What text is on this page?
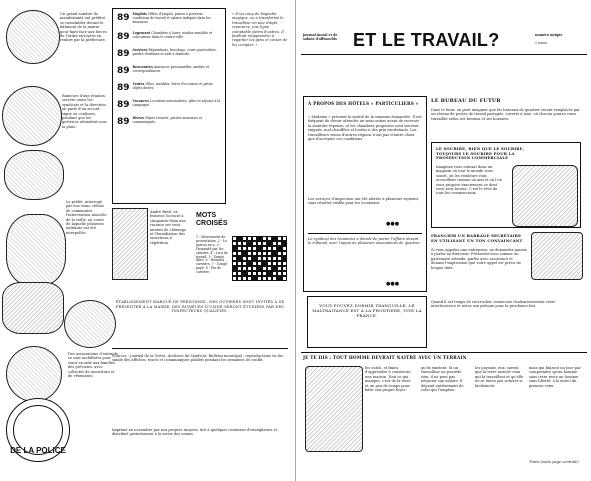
Un grand nombre de manifestants ont préféré se rassembler devant le bâtiment de la mairie, pour faire face aux forces de l'ordre envoyées en renfort par la préfecture.
Rumeurs d'une réunion secrète entre les syndicats et la direction, on parle d'un accord signé en coulisses, pendant que les grévistes attendent sous la pluie.
Le préfet, interrogé par nos soins, refuse de commenter l'intervention musclée de la veille, au cours de laquelle plusieurs militants ont été interpellés.
Des associations d'entraide se sont mobilisées pour venir en aide aux familles des grévistes, avec collectes de nourriture et de vêtements.
DE LA POLICE
89 Emplois Offres d'emploi, postes à pourvoir, conditions de travail et salaire indiqués dans les annonces.
89 Logement Chambres à louer, studios meublés et colocations dans le centre-ville.
89 Services Réparations, bricolage, cours particuliers, gardes d'enfants et aide à domicile.
89 Rencontres Annonces personnelles, amitiés et correspondances.
89 Ventes Vélos, meubles, livres d'occasion et petits objets divers.
89 Vacances Locations saisonnières, gîtes et séjours à la campagne.
89 Divers Objets trouvés, petites annonces et communiqués.
« D'un coup de baguette magique, on a transformé le travailleur en une simple ressource, une ligne comptable parmi d'autres. Il faudrait réapprendre à regarder les gens et cesser de les compter. »
André Breil, ex-fraiseur, licencié à cinquante-deux ans, raconte ses trois années de chômage et l'humiliation des entretiens à répétition.
MOTS CROISÉS
1 - Mouvement de protestation. 2 - Le patron en a. 3 - Demandé par les salariés. 4 - Lieu de travail. 5 - Temps libre. 6 - Réunion ouvrière. 7 - Congé payé. 8 - Fin de carrière.
ÉTABLISSEMENT MARQUÉ DE PERSONNEL, DES OUVRIERS SONT INVITÉS À SE PRÉSENTER À LA MAIRIE. DES RUMEURS D'USINE SERONT ÉTUDIÉES PAR DES INSPECTEURS QUALIFIÉS.
Sources : Journal de la Grève, Archives du Syndicat, Bulletin municipal ; reproductions en fac-similé des affiches, tracts et communiqués publiés pendant les semaines de conflit.
Imprimé en novembre par nos propres moyens, tiré à quelques centaines d'exemplaires et distribué gratuitement à la sortie des usines.
journal moral et de sabots d'affranchis ET LE TRAVAIL?	numéro unique
2 euros
À PROPOS DES HÔTELS « PARTICULIERS »
« Madame » prévient la moitié de la semaine demandée. Il est fréquent de devoir attendre un mois entier avant de recevoir la moindre réponse, et les chambres proposées sont souvent exiguës, mal chauffées et louées à des prix exorbitants. Les travailleurs venus d'autres régions n'ont pas d'autre choix que d'accepter ces conditions.
Les services d'inspection ont été alertés à plusieurs reprises, sans résultat visible pour les locataires.
●●●
Le syndicat des locataires a décidé de porter l'affaire devant le tribunal, avec l'appui de plusieurs associations de quartier.
●●●
VOUS POUVEZ DORMIR TRANQUILLE, LE MALTRAITANCE EST À LA FRONTIÈRE, VIVE LA FRANCE.
LE BUREAU DU FUTUR
Dans le futur, on peut imaginer que les bureaux de quartier seront remplacés par un réseau de postes de travail partagés, ouverts à tous, où chacun pourra venir travailler selon ses besoins et ses horaires.
LE SOURIRE, RIEN QUE LE SOURIRE, TOUJOURS LE SOURIRE POUR LA PROSPECTION COMMERCIALE
Imaginez vous entrant dans un magasin où tout le monde vous sourit, où les vendeurs vous accueillent comme un ami et où l'on vous propose exactement ce dont vous avez besoin. C'est le rêve de tous les commerciaux.
FRANCHIR UN BARRAGE SECRÉTAIRE EN UTILISANT UN TON CONVAINCANT
Si vous appelez une entreprise, ne demandez jamais à parler au directeur. Présentez-vous comme un partenaire attendu, parlez avec assurance et donnez l'impression que votre appel est prévu de longue date.
Quand il est temps de raccrocher, remerciez chaleureusement votre interlocutrice et notez son prénom pour la prochaine fois.
JE TE DIS : TOUT HOMME DEVRAIT NAITRE AVEC UN TERRAIN
les outils, et finira d'apprendre à construire une maison. Tout ce qui manque, c'est de la terre et un peu de temps pour bâtir son propre foyer.
qu'ils existent. Si un travailleur ne possède rien, il ne peut pas négocier son salaire, il dépend entièrement de celui qui l'emploie.
les paysans, eux, savent que la terre nourrit ceux qui la travaillent et qu'elle ne se laisse pas acheter si facilement.
mais qui finiront un jour par comprendre qu'un homme sans terre reste un homme sans liberté, à la merci du premier venu.
Traits (suite page centrale)
